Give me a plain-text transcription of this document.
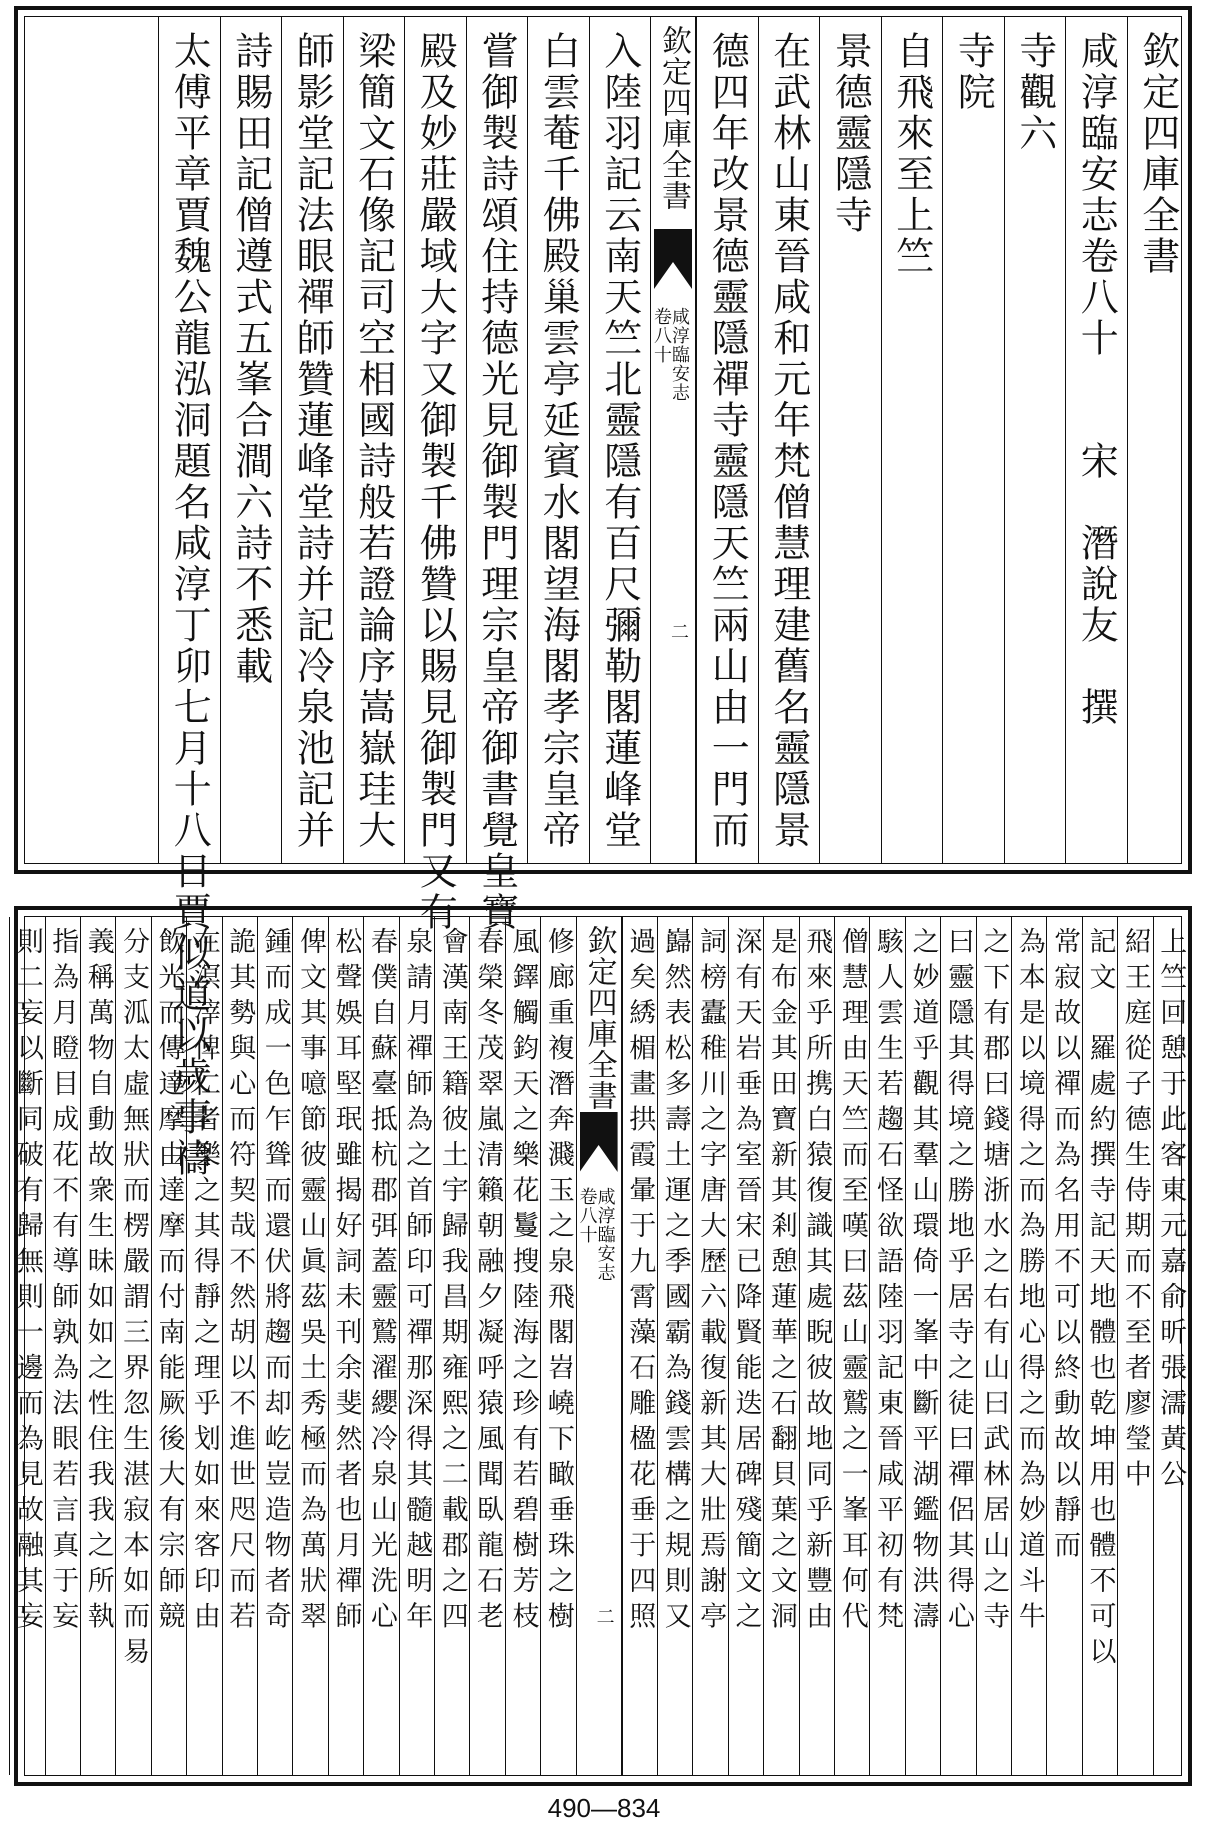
欽定四庫全書
咸淳臨安志卷八十　　宋　潛說友　撰
寺觀六
寺院
自飛來至上竺
景德靈隱寺
在武林山東晉咸和元年梵僧慧理建舊名靈隱景
德四年改景德靈隱禪寺靈隱天竺兩山由一門而
欽定四庫全書
咸淳臨安志
卷八十
二
入陸羽記云南天竺北靈隱有百尺彌勒閣蓮峰堂
白雲菴千佛殿巢雲亭延賓水閣望海閣孝宗皇帝
嘗御製詩頌住持德光見御製門理宗皇帝御書覺皇寶
殿及妙莊嚴域大字又御製千佛贊以賜見御製門又有
梁簡文石像記司空相國詩般若證論序嵩嶽珪大
師影堂記法眼禪師贊蓮峰堂詩并記冷泉池記并
詩賜田記僧遵式五峯合澗六詩不悉載
太傅平章賈魏公龍泓洞題名咸淳丁卯七月十八日賈似道以歲事禱
上竺回憩于此客東元嘉俞昕張濡黃公
紹王庭從子德生侍期而不至者廖瑩中
記文　羅處約撰寺記天地體也乾坤用也體不可以
常寂故以禪而為名用不可以終動故以靜而
為本是以境得之而為勝地心得之而為妙道斗牛
之下有郡曰錢塘浙水之右有山曰武林居山之寺
曰靈隱其得境之勝地乎居寺之徒曰禪侶其得心
之妙道乎觀其羣山環倚一峯中斷平湖鑑物洪濤
駭人雲生若趨石怪欲語陸羽記東晉咸平初有梵
僧慧理由天竺而至嘆曰茲山靈鷲之一峯耳何代
飛來乎所携白猿復識其處睨彼故地同乎新豐由
是布金其田寶新其剎憩蓮華之石翻貝葉之文洞
深有天岩垂為室晉宋已降賢能迭居碑殘簡文之
詞榜蠹稚川之字唐大歷六載復新其大壯焉謝亭
巋然表松多壽土運之季國霸為錢雲構之規則又
過矣綉楣畫拱霞暈于九霄藻石雕楹花垂于四照
欽定四庫全書
咸淳臨安志
卷八十
二
修廊重複潛奔濺玉之泉飛閣岧嶢下瞰垂珠之樹
風鐸觸鈞天之樂花鬘搜陸海之珍有若碧樹芳枝
春榮冬茂翠嵐清籟朝融夕凝呼猿風聞臥龍石老
會漢南王籍彼土宇歸我昌期雍熙之二載郡之四
泉請月禪師為之首師印可禪那深得其髓越明年
春僕自蘇臺抵杭郡弭蓋靈鷲濯纓冷泉山光洗心
松聲娛耳堅珉雖揭好詞未刊余斐然者也月禪師
俾文其事噫節彼靈山眞茲吳土秀極而為萬狀翠
鍾而成一色乍聳而還伏將趨而却屹豈造物者奇
詭其勢與心而符契哉不然胡以不進世咫尺而若
在溟滓俾仁者樂之其得靜之理乎划如來客印由
飲光而傳達摩由達摩而付南能厥後大有宗師競
分支泒太虛無狀而楞嚴謂三界忽生湛寂本如而易
義稱萬物自動故衆生昧如如之性住我我之所執
指為月瞪目成花不有導師孰為法眼若言真于妄
則二妄以斷同破有歸無則一邊而為見故融其妄
490—834
